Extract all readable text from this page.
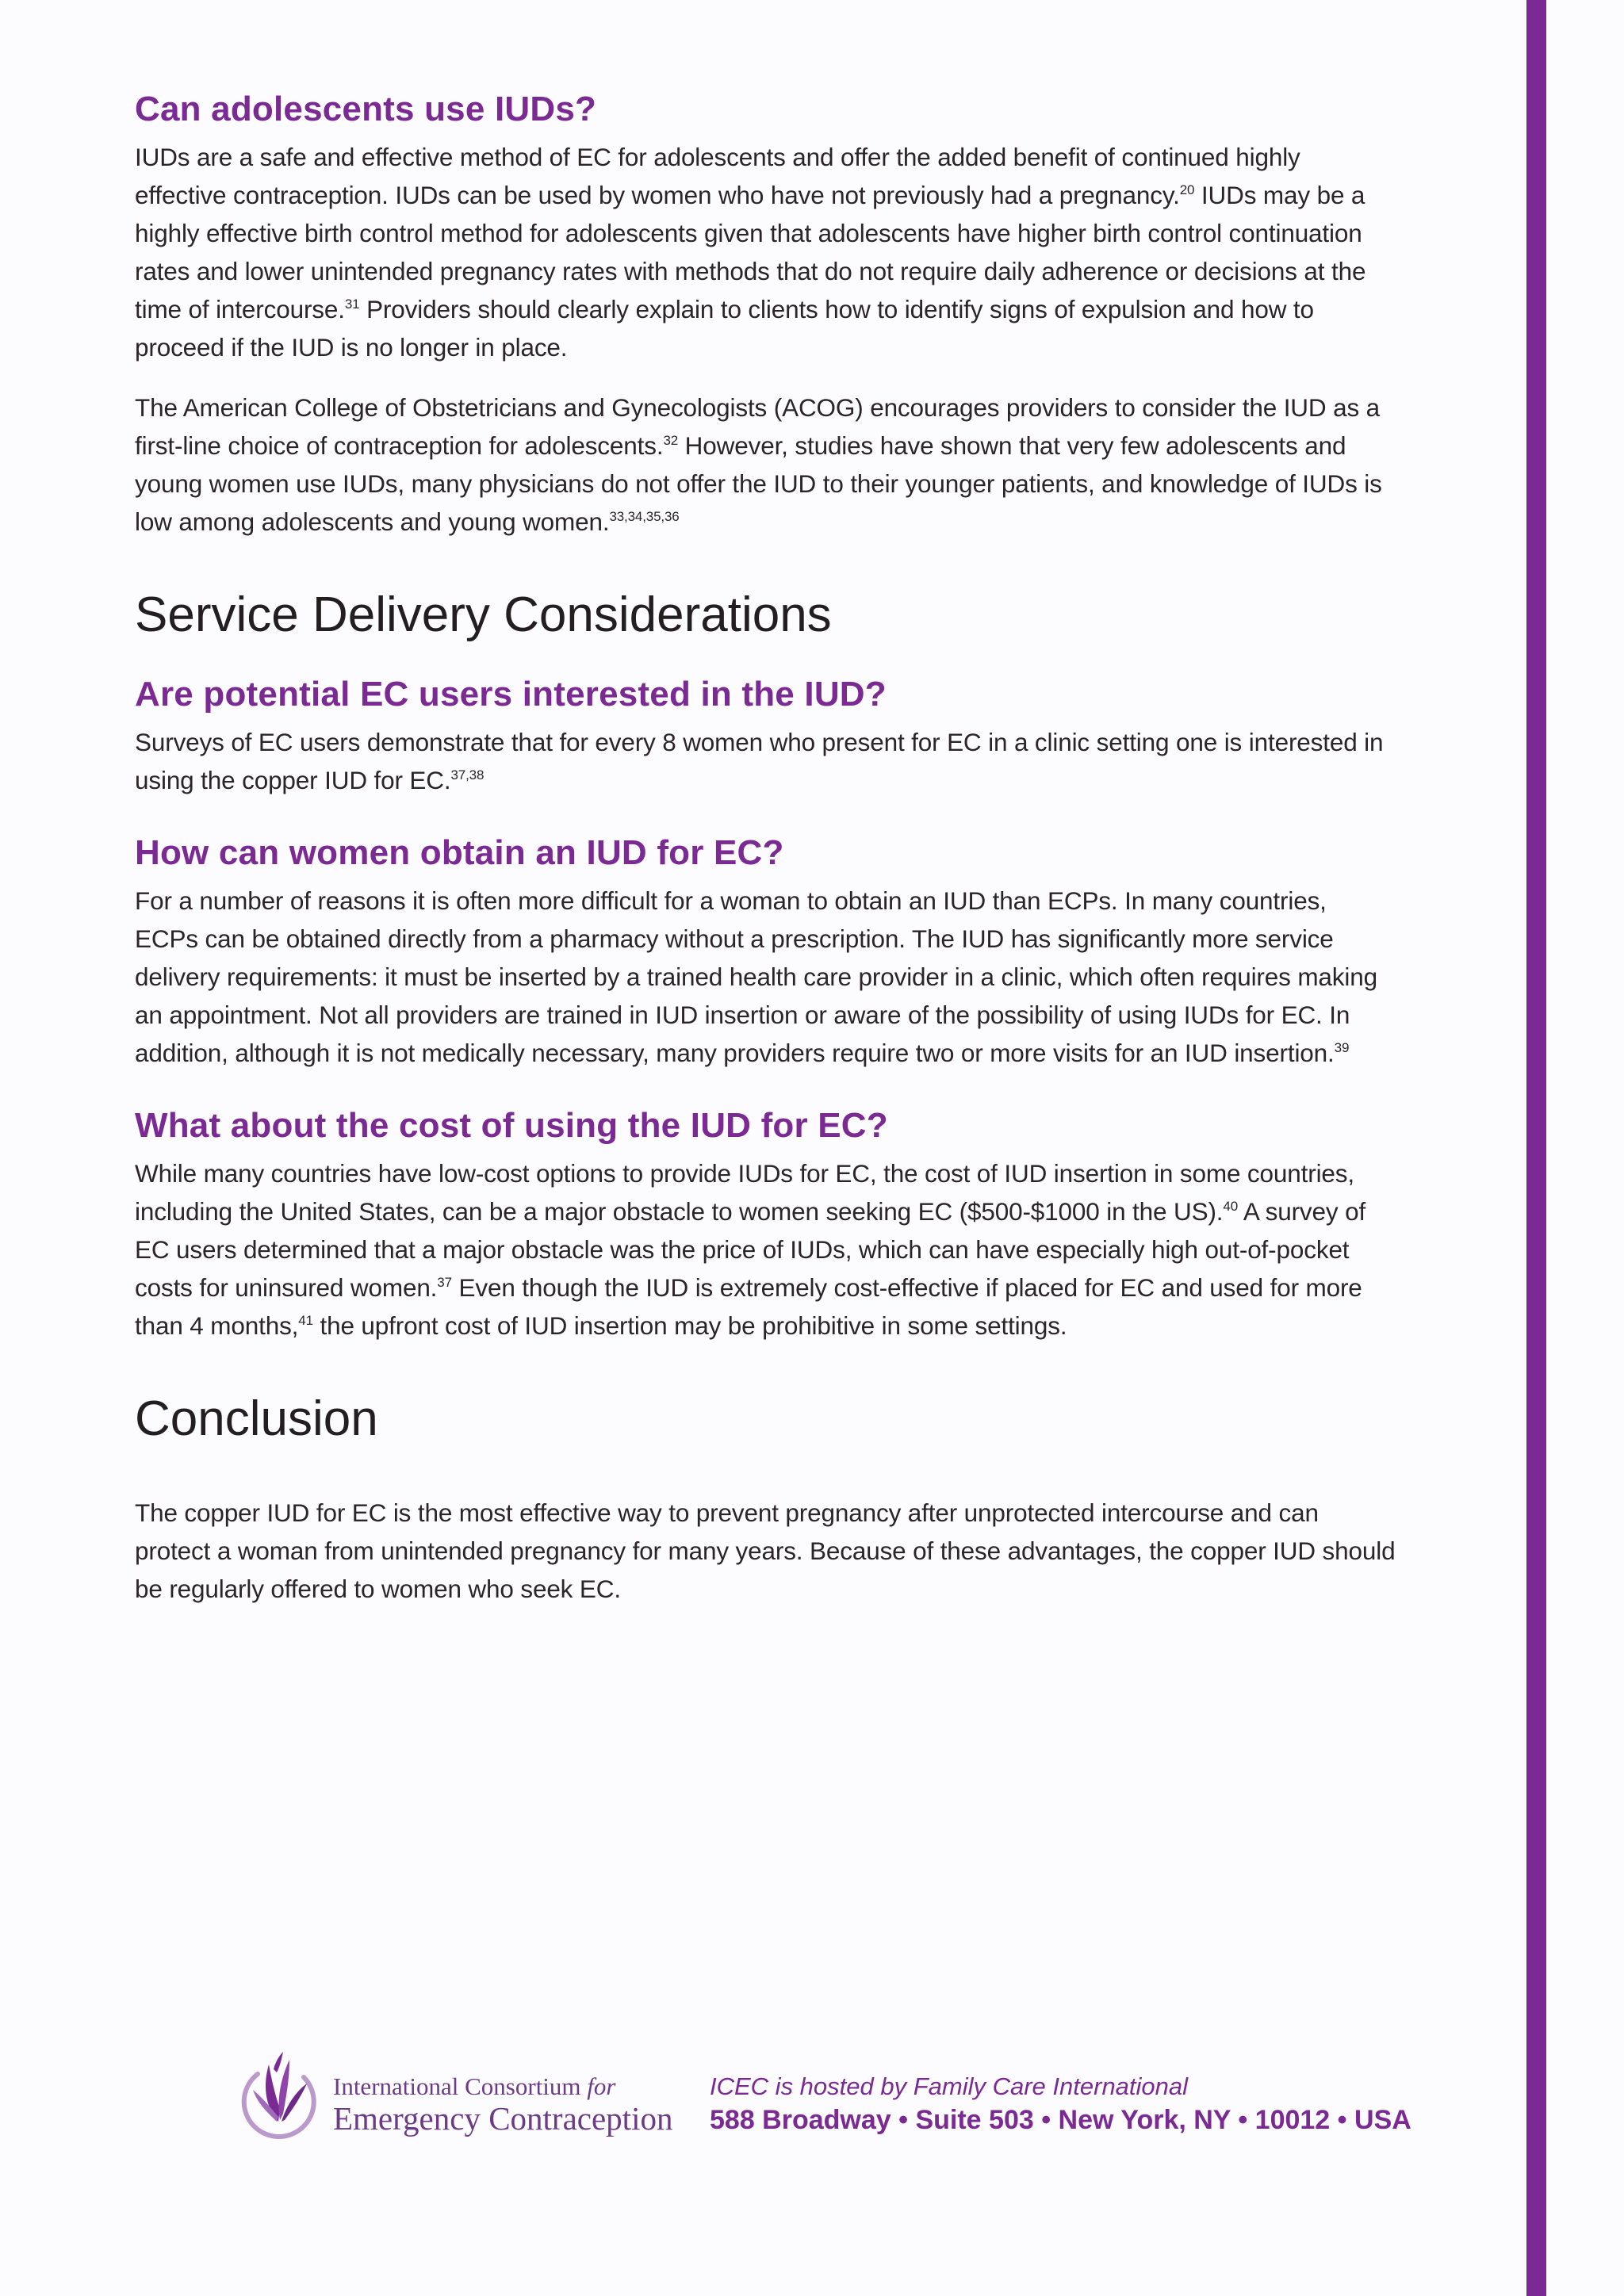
Can adolescents use IUDs?

IUDs are a safe and effective method of EC for adolescents and offer the added benefit of continued highly effective contraception. IUDs can be used by women who have not previously had a pregnancy.$^{20}$ IUDs may be a highly effective birth control method for adolescents given that adolescents have higher birth control continuation rates and lower unintended pregnancy rates with methods that do not require daily adherence or decisions at the time of intercourse.$^{31}$ Providers should clearly explain to clients how to identify signs of expulsion and how to proceed if the IUD is no longer in place.

The American College of Obstetricians and Gynecologists (ACOG) encourages providers to consider the IUD as a first-line choice of contraception for adolescents.$^{32}$ However, studies have shown that very few adolescents and young women use IUDs, many physicians do not offer the IUD to their younger patients, and knowledge of IUDs is low among adolescents and young women.$^{33,34,35,36}$

Service Delivery Considerations
Are potential EC users interested in the IUD?

Surveys of EC users demonstrate that for every 8 women who present for EC in a clinic setting one is interested in using the copper IUD for EC.$^{37,38}$

How can women obtain an IUD for EC?

For a number of reasons it is often more difficult for a woman to obtain an IUD than ECPs. In many countries, ECPs can be obtained directly from a pharmacy without a prescription. The IUD has significantly more service delivery requirements: it must be inserted by a trained health care provider in a clinic, which often requires making an appointment. Not all providers are trained in IUD insertion or aware of the possibility of using IUDs for EC. In addition, although it is not medically necessary, many providers require two or more visits for an IUD insertion.$^{39}$

What about the cost of using the IUD for EC?

While many countries have low-cost options to provide IUDs for EC, the cost of IUD insertion in some countries, including the United States, can be a major obstacle to women seeking EC ($500-$1000 in the US).$^{40}$ A survey of EC users determined that a major obstacle was the price of IUDs, which can have especially high out-of-pocket costs for uninsured women.$^{37}$ Even though the IUD is extremely cost-effective if placed for EC and used for more than 4 months,$^{41}$ the upfront cost of IUD insertion may be prohibitive in some settings.

Conclusion

The copper IUD for EC is the most effective way to prevent pregnancy after unprotected intercourse and can protect a woman from unintended pregnancy for many years. Because of these advantages, the copper IUD should be regularly offered to women who seek EC.

International Consortium for
Emergency Contraception
ICEC is hosted by Family Care International
588 Broadway • Suite 503 • New York, NY • 10012 • USA
